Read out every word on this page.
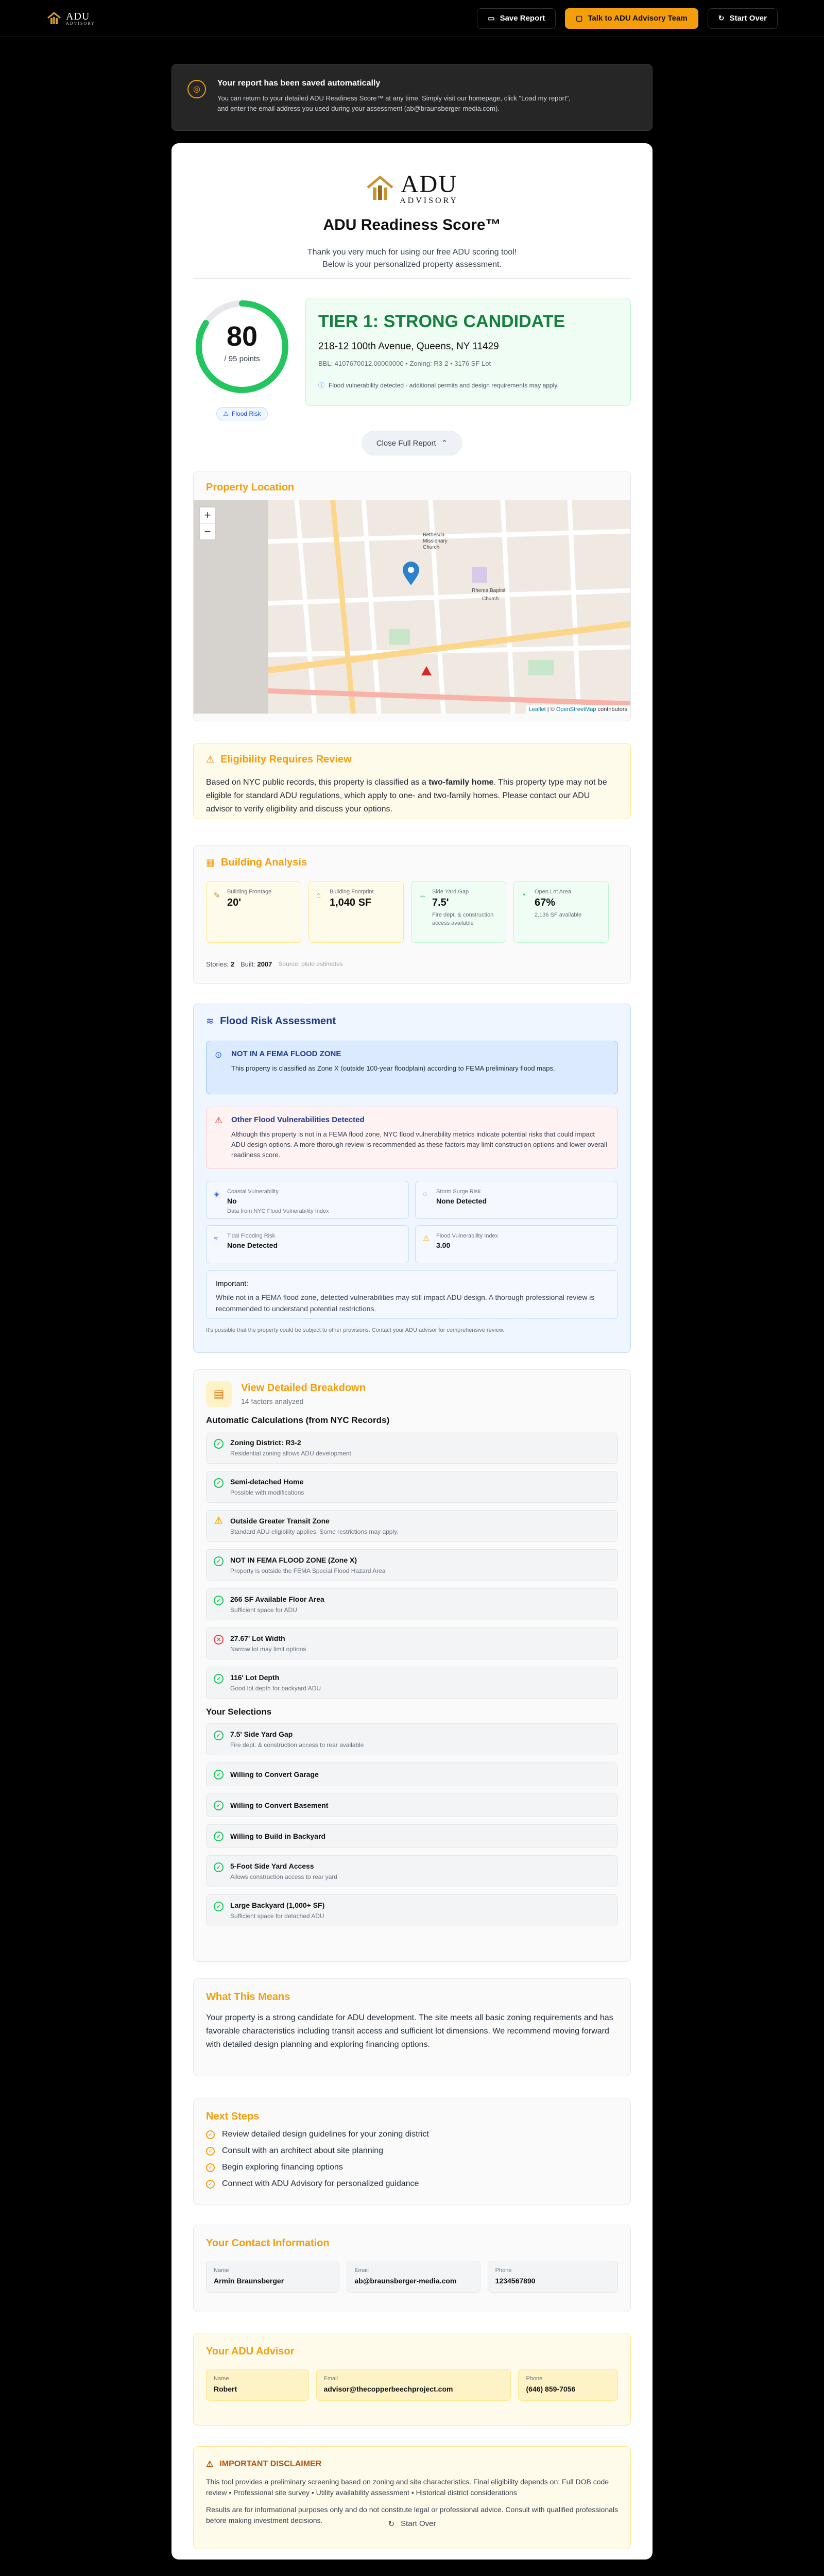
ADU
ADVISORY
▭ Save Report	▢ Talk to ADU Advisory Team	↻ Start Over
◎
Your report has been saved automatically

You can return to your detailed ADU Readiness Score™ at any time. Simply visit our homepage, click "Load my report",

and enter the email address you used during your assessment (ab@braunsberger-media.com).

ADU
ADVISORY
ADU Readiness Score™
Thank you very much for using our free ADU scoring tool! Below is your personalized property assessment.
80
/ 95 points
⚠ Flood Risk
TIER 1: STRONG CANDIDATE
218-12 100th Avenue, Queens, NY 11429
BBL: 4107670012.00000000 • Zoning: R3-2 • 3176 SF Lot
ⓘ Flood vulnerability detected - additional permits and design requirements may apply.
Close Full Report ⌃
Property Location
Rhema Baptist
Bethesda
Missionary
Church
Church
+
−
Leaflet | © OpenStreetMap contributors
⚠ Eligibility Requires Review

Based on NYC public records, this property is classified as a two-family home. This property type may not be eligible for standard ADU regulations, which apply to one- and two-family homes. Please contact our ADU advisor to verify eligibility and discuss your options.

▦ Building Analysis
✎ Building Frontage
20'
⌂ Building Footprint
1,040 SF
↔ Side Yard Gap
7.5'
Fire dept. & construction access available
◔ Open Lot Area
67%
2,136 SF available
Stories: 2 Built: 2007 Source: pluto estimates
≋ Flood Risk Assessment
⊙ NOT IN A FEMA FLOOD ZONE

This property is classified as Zone X (outside 100-year floodplain) according to FEMA preliminary flood maps.

⚠ Other Flood Vulnerabilities Detected

Although this property is not in a FEMA flood zone, NYC flood vulnerability metrics indicate potential risks that could impact ADU design options. A more thorough review is recommended as these factors may limit construction options and lower overall readiness score.

◈ Coastal Vulnerability
No
Data from NYC Flood Vulnerability Index
◌ Storm Surge Risk
None Detected
≈ Tidal Flooding Risk
None Detected
⚠ Flood Vulnerability Index
3.00
Important:

While not in a FEMA flood zone, detected vulnerabilities may still impact ADU design. A thorough professional review is recommended to understand potential restrictions.

It's possible that the property could be subject to other provisions. Contact your ADU advisor for comprehensive review.
▤	View Detailed Breakdown
14 factors analyzed
Automatic Calculations (from NYC Records)
✓	Zoning District: R3-2

Residential zoning allows ADU development

✓	Semi-detached Home

Possible with modifications

⚠ Outside Greater Transit Zone

Standard ADU eligibility applies. Some restrictions may apply.

✓	NOT IN FEMA FLOOD ZONE (Zone X)

Property is outside the FEMA Special Flood Hazard Area

✓	266 SF Available Floor Area

Sufficient space for ADU

✕	27.67' Lot Width

Narrow lot may limit options

✓	116' Lot Depth

Good lot depth for backyard ADU

Your Selections
✓	7.5' Side Yard Gap

Fire dept. & construction access to rear available

✓	Willing to Convert Garage
✓	Willing to Convert Basement
✓	Willing to Build in Backyard
✓	5-Foot Side Yard Access

Allows construction access to rear yard

✓	Large Backyard (1,000+ SF)

Sufficient space for detached ADU

What This Means

Your property is a strong candidate for ADU development. The site meets all basic zoning requirements and has favorable characteristics including transit access and sufficient lot dimensions. We recommend moving forward with detailed design planning and exploring financing options.

Next Steps
✓ Review detailed design guidelines for your zoning district
✓ Consult with an architect about site planning
✓ Begin exploring financing options
✓ Connect with ADU Advisory for personalized guidance
Your Contact Information
Name
Armin Braunsberger
Email
ab@braunsberger-media.com
Phone
1234567890
Your ADU Advisor
Name
Robert
Email
advisor@thecopperbeechproject.com
Phone
(646) 859-7056
⚠ IMPORTANT DISCLAIMER

This tool provides a preliminary screening based on zoning and site characteristics. Final eligibility depends on: Full DOB code review • Professional site survey • Utility availability assessment • Historical district considerations

Results are for informational purposes only and do not constitute legal or professional advice. Consult with qualified professionals before making investment decisions.	↻ Start Over
